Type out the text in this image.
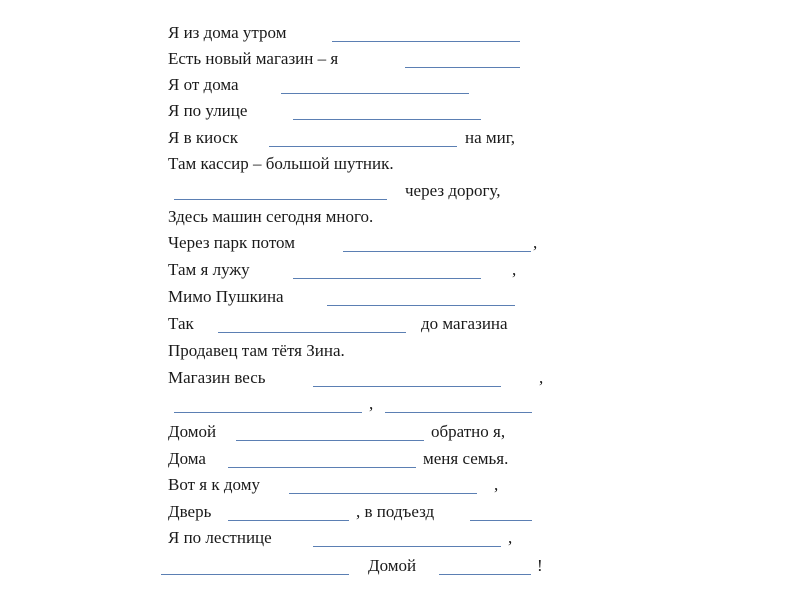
Я из дома утром
Есть новый магазин – я
Я от дома
Я по улице
Я в киоск	на миг,
Там кассир – большой шутник.
через дорогу,
Здесь машин сегодня много.
Через парк потом	,
Там я лужу	,
Мимо Пушкина
Так	до магазина
Продавец там тётя Зина.
Магазин весь	,
,
Домой	обратно я,
Дома	меня семья.
Вот я к дому	,
Дверь	, в подъезд
Я по лестнице	,
Домой	!
